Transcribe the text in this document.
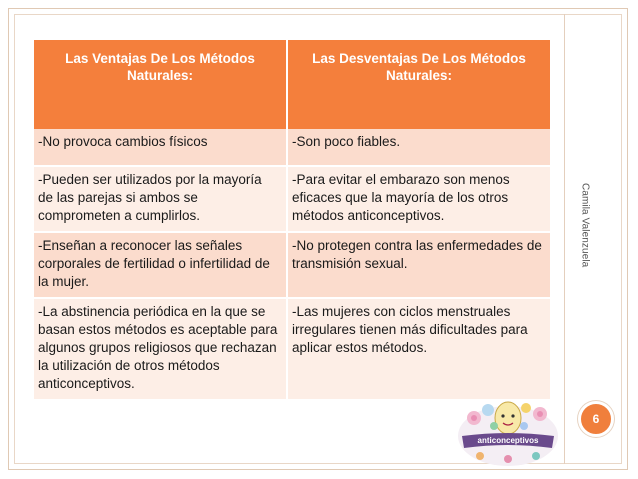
Las Ventajas De Los Métodos Naturales:	Las Desventajas De Los Métodos Naturales:
-No provoca cambios físicos	-Son poco fiables.
-Pueden ser utilizados por la mayoría de las parejas si ambos se comprometen a cumplirlos.	-Para evitar el embarazo son menos eficaces que la mayoría de los otros métodos anticonceptivos.
-Enseñan a reconocer las señales corporales de fertilidad o infertilidad de la mujer.	-No protegen contra las enfermedades de transmisión sexual.
-La abstinencia periódica en la que se basan estos métodos es aceptable para algunos grupos religiosos que rechazan la utilización de otros métodos anticonceptivos.	-Las mujeres con ciclos menstruales irregulares tienen más dificultades para aplicar estos métodos.
Camila Valenzuela
6
anticonceptivos
